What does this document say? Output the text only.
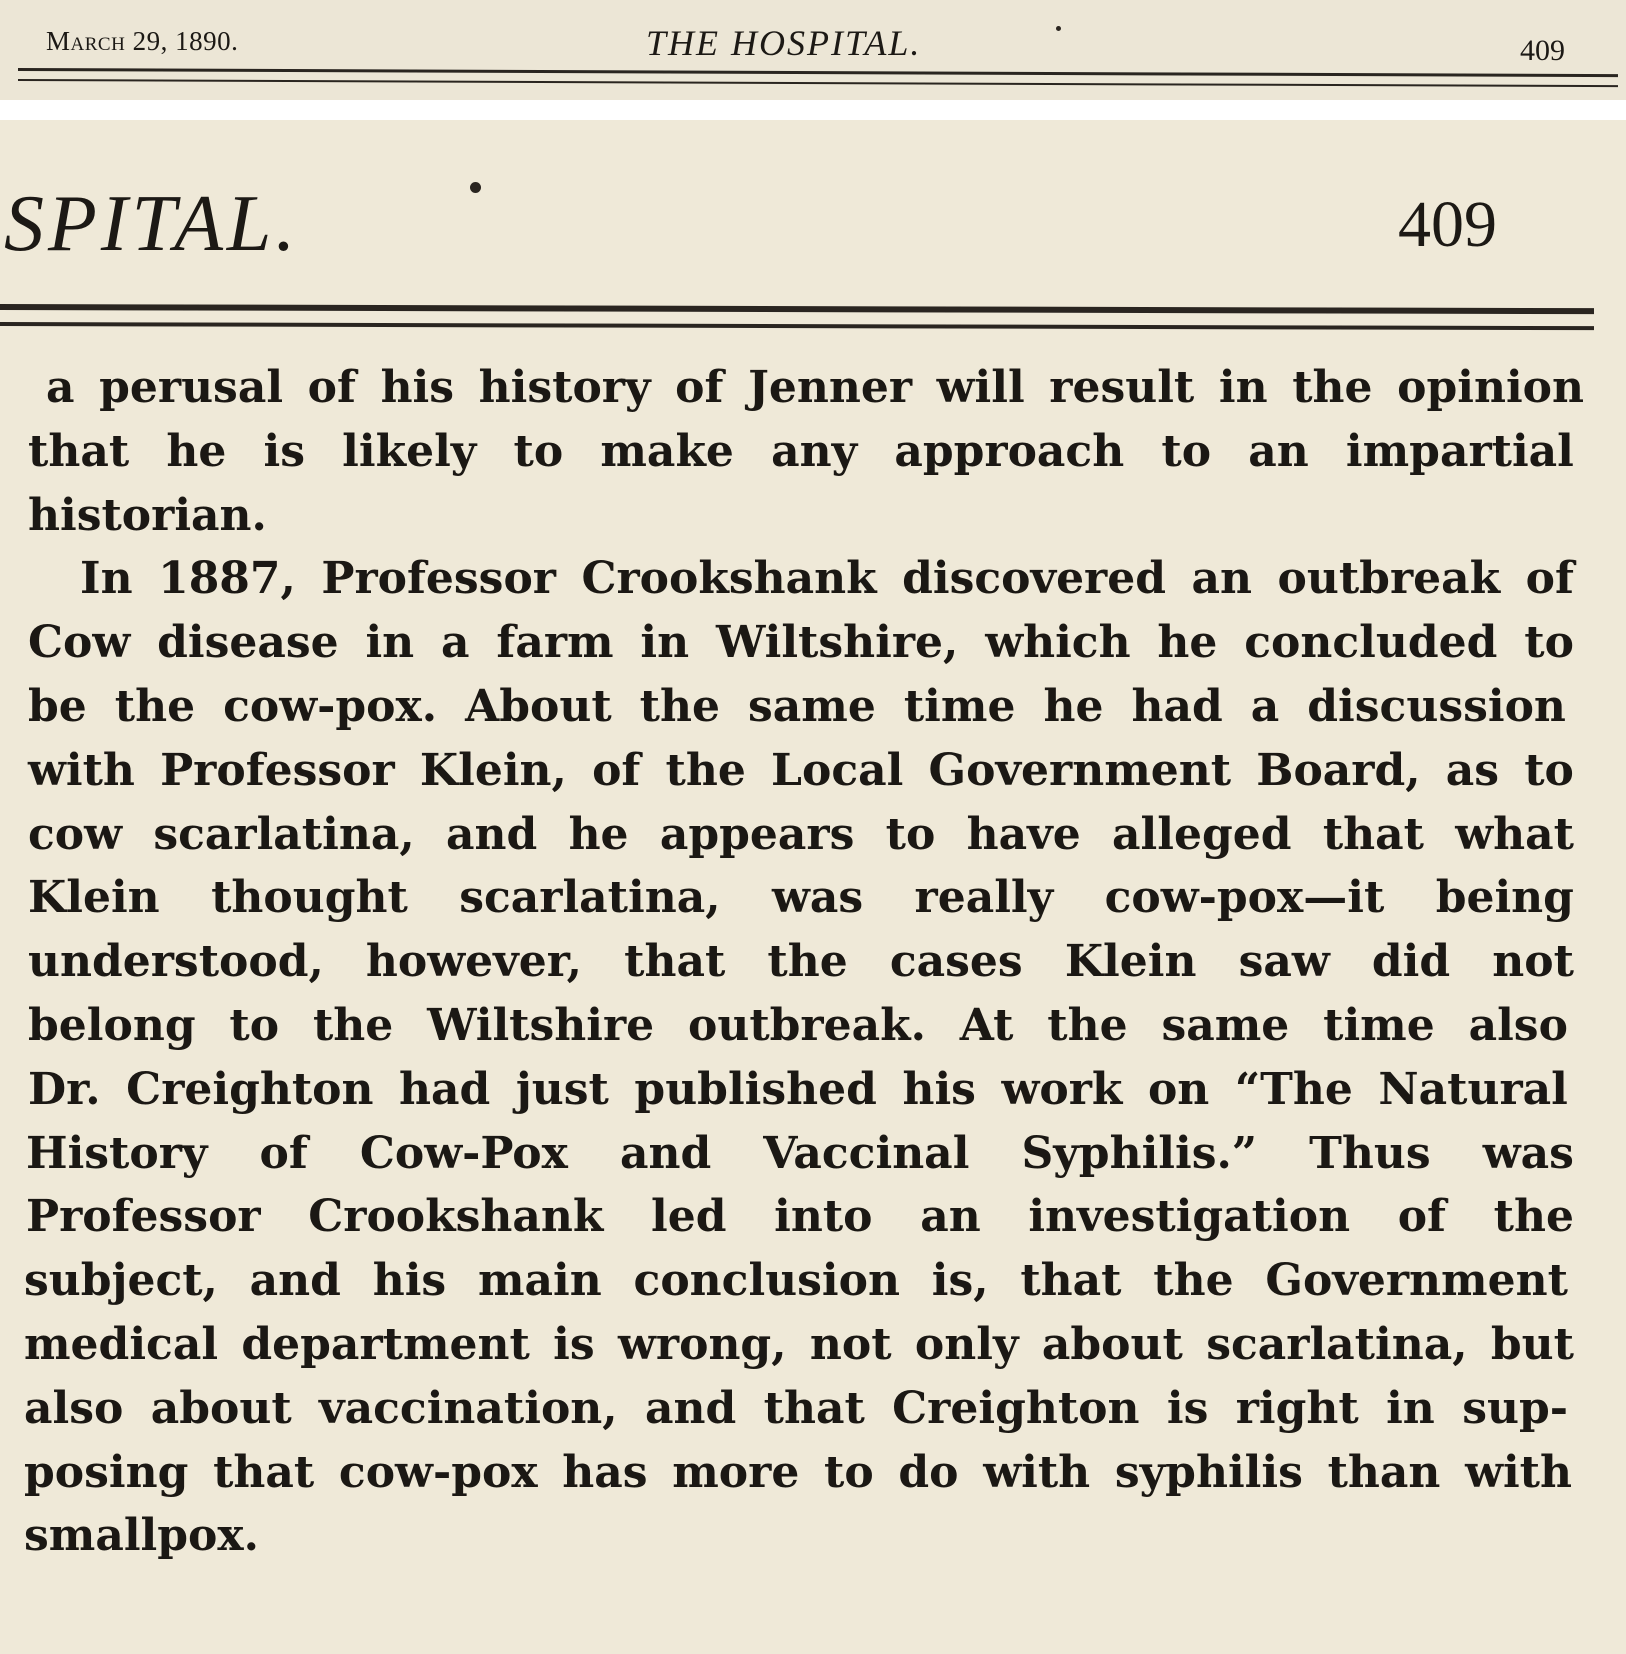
March 29, 1890.	THE HOSPITAL.	409
SPITAL.	409
a perusal of his history of Jenner will result in the opinion
that he is likely to make any approach to an impartial
historian.
In 1887, Professor Crookshank discovered an outbreak of
Cow disease in a farm in Wiltshire, which he concluded to
be the cow-pox. About the same time he had a discussion
with Professor Klein, of the Local Government Board, as to
cow scarlatina, and he appears to have alleged that what
Klein thought scarlatina, was really cow-pox—it being
understood, however, that the cases Klein saw did not
belong to the Wiltshire outbreak. At the same time also
Dr. Creighton had just published his work on “The Natural
History of Cow-Pox and Vaccinal Syphilis.” Thus was
Professor Crookshank led into an investigation of the
subject, and his main conclusion is, that the Government
medical department is wrong, not only about scarlatina, but
also about vaccination, and that Creighton is right in sup-
posing that cow-pox has more to do with syphilis than with
smallpox.
